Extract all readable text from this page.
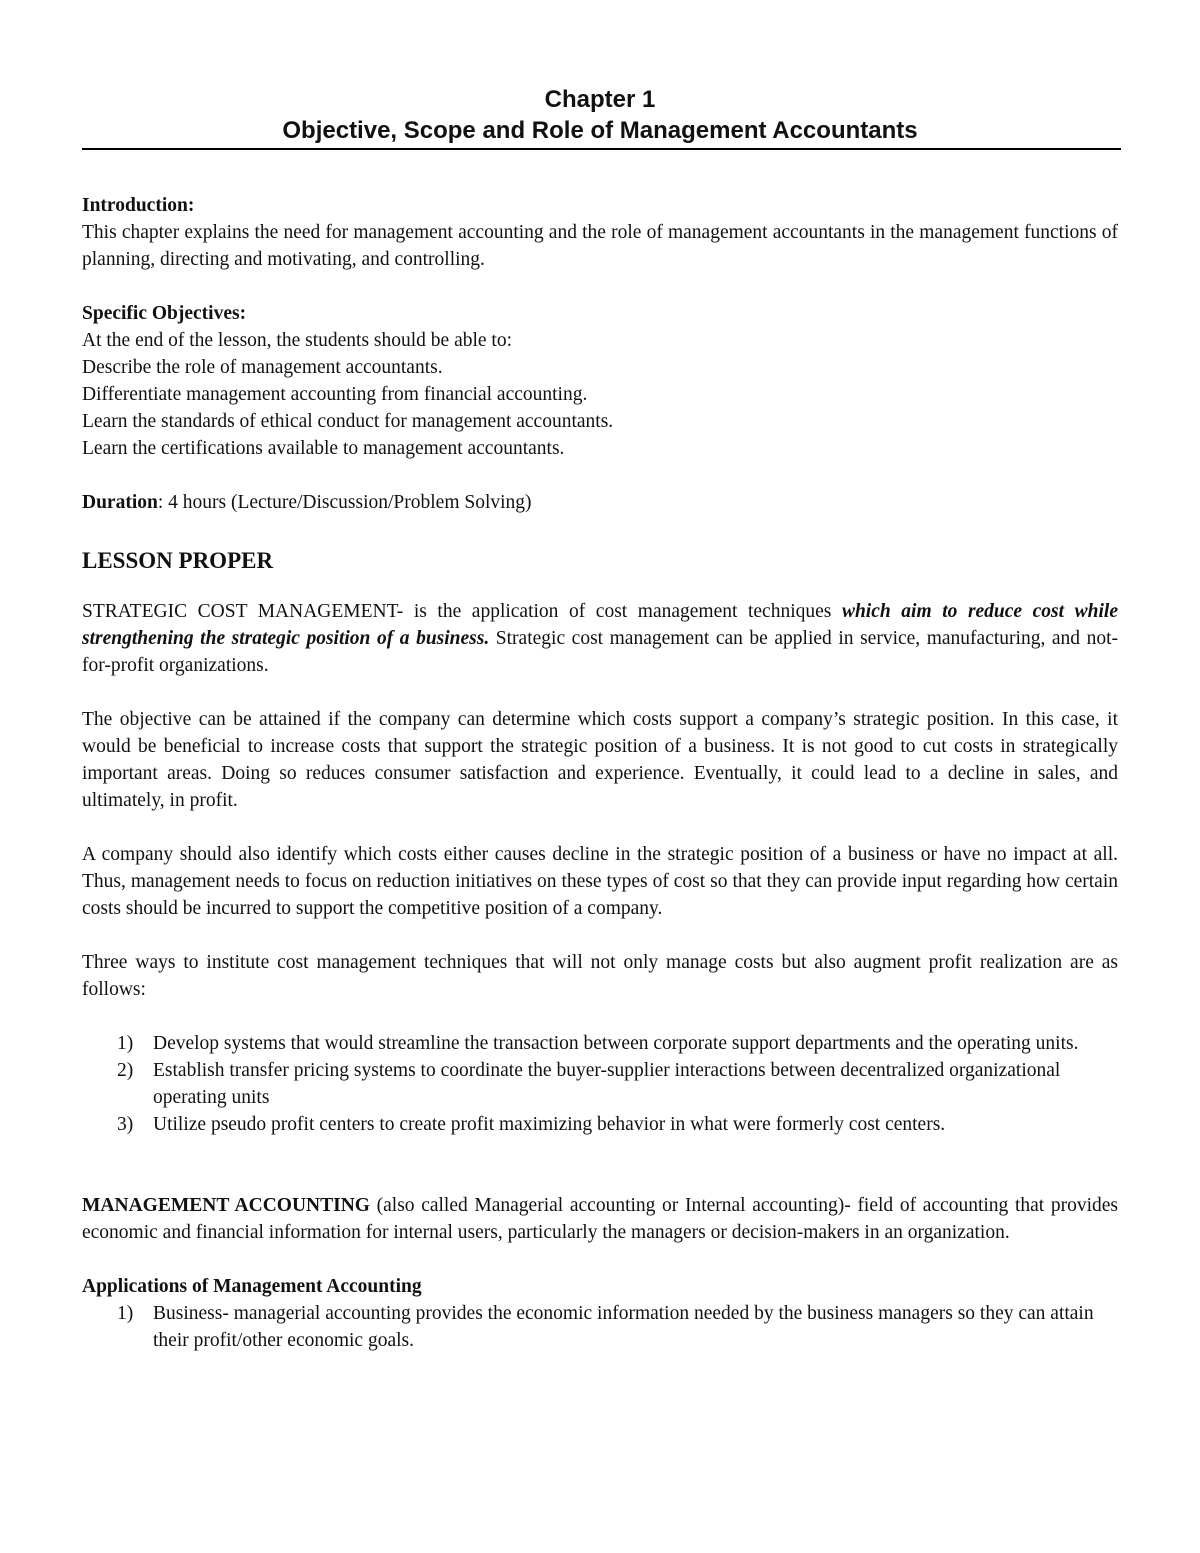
Chapter 1
Objective, Scope and Role of Management Accountants

Introduction:

This chapter explains the need for management accounting and the role of management accountants in the management functions of planning, directing and motivating, and controlling.

Specific Objectives:

At the end of the lesson, the students should be able to:

Describe the role of management accountants.

Differentiate management accounting from financial accounting.

Learn the standards of ethical conduct for management accountants.

Learn the certifications available to management accountants.

Duration: 4 hours (Lecture/Discussion/Problem Solving)

LESSON PROPER

STRATEGIC COST MANAGEMENT- is the application of cost management techniques which aim to reduce cost while strengthening the strategic position of a business. Strategic cost management can be applied in service, manufacturing, and not-for-profit organizations.

The objective can be attained if the company can determine which costs support a company’s strategic position. In this case, it would be beneficial to increase costs that support the strategic position of a business. It is not good to cut costs in strategically important areas. Doing so reduces consumer satisfaction and experience. Eventually, it could lead to a decline in sales, and ultimately, in profit.

A company should also identify which costs either causes decline in the strategic position of a business or have no impact at all. Thus, management needs to focus on reduction initiatives on these types of cost so that they can provide input regarding how certain costs should be incurred to support the competitive position of a company.

Three ways to institute cost management techniques that will not only manage costs but also augment profit realization are as follows:

1) Develop systems that would streamline the transaction between corporate support departments and the operating units.
2) Establish transfer pricing systems to coordinate the buyer-supplier interactions between decentralized organizational operating units
3) Utilize pseudo profit centers to create profit maximizing behavior in what were formerly cost centers.

MANAGEMENT ACCOUNTING (also called Managerial accounting or Internal accounting)- field of accounting that provides economic and financial information for internal users, particularly the managers or decision-makers in an organization.

Applications of Management Accounting

1) Business- managerial accounting provides the economic information needed by the business managers so they can attain their profit/other economic goals.
